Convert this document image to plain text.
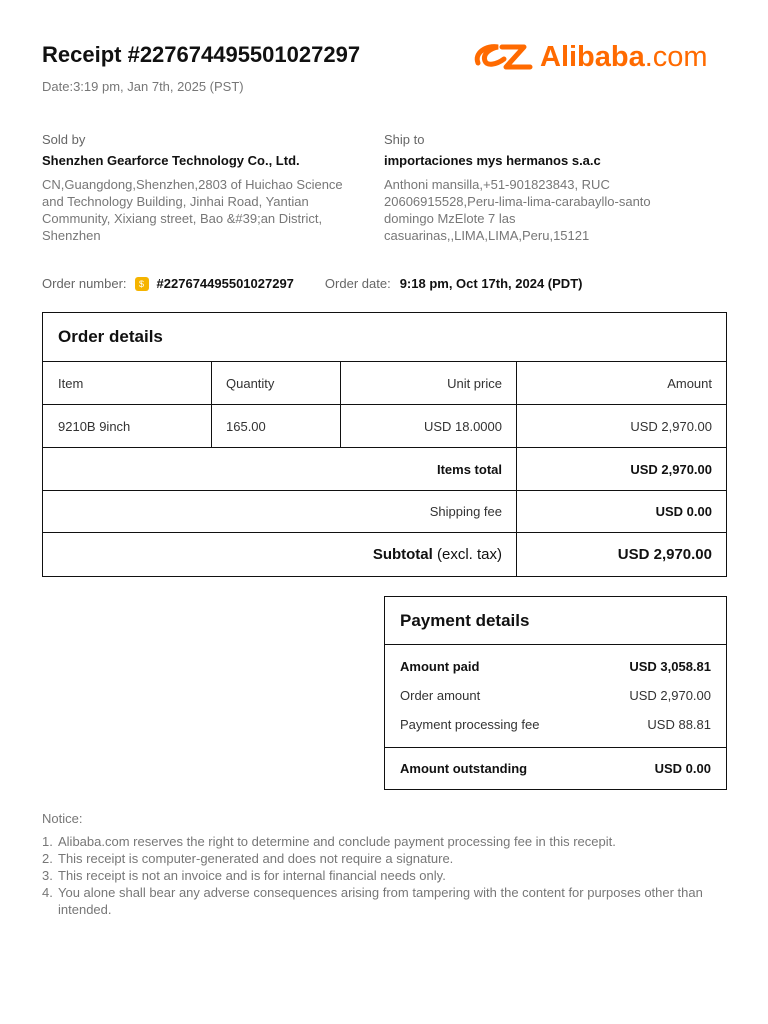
Receipt #227674495501027297
Date:3:19 pm, Jan 7th, 2025 (PST)
Alibaba.com
Sold by
Shenzhen Gearforce Technology Co., Ltd.
CN,Guangdong,Shenzhen,2803 of Huichao Science
and Technology Building, Jinhai Road, Yantian
Community, Xixiang street, Bao &#39;an District,
Shenzhen
Ship to
importaciones mys hermanos s.a.c
Anthoni mansilla,+51-901823843, RUC
20606915528,Peru-lima-lima-carabayllo-santo
domingo MzElote 7 las
casuarinas,,LIMA,LIMA,Peru,15121
Order number:	$ #227674495501027297 Order date: 9:18 pm, Oct 17th, 2024 (PDT)
Order details
Item	Quantity	Unit price	Amount
9210B 9inch	165.00	USD 18.0000	USD 2,970.00
Items total	USD 2,970.00
Shipping fee	USD 0.00
Subtotal
(excl. tax)	USD 2,970.00
Payment details
Amount paid	USD 3,058.81
Order amount	USD 2,970.00
Payment processing fee	USD 88.81
Amount outstanding	USD 0.00
Notice:
1. Alibaba.com reserves the right to determine and conclude payment processing fee in this recepit.
2. This receipt is computer-generated and does not require a signature.
3. This receipt is not an invoice and is for internal financial needs only.
4. You alone shall bear any adverse consequences arising from tampering with the content for purposes other than intended.
